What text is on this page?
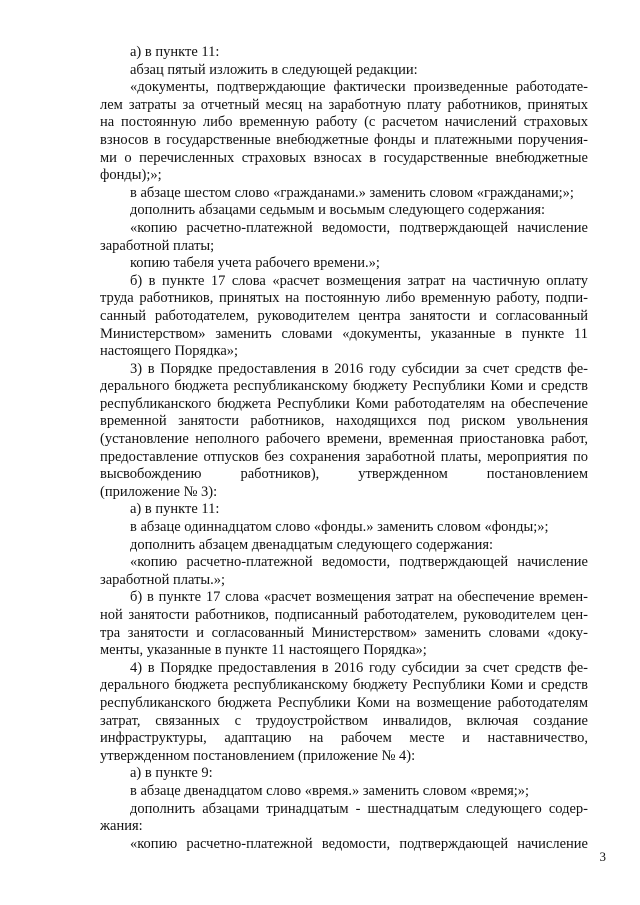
а) в пункте 11:
абзац пятый изложить в следующей редакции:
«документы, подтверждающие фактически произведенные работодате-
лем затраты за отчетный месяц на заработную плату работников, принятых
на постоянную либо временную работу (с расчетом начислений страховых
взносов в государственные внебюджетные фонды и платежными поручения-
ми о перечисленных страховых взносах в государственные внебюджетные
фонды);»;
в абзаце шестом слово «гражданами.» заменить словом «гражданами;»;
дополнить абзацами седьмым и восьмым следующего содержания:
«копию расчетно-платежной ведомости, подтверждающей начисление
заработной платы;
копию табеля учета рабочего времени.»;
б) в пункте 17 слова «расчет возмещения затрат на частичную оплату
труда работников, принятых на постоянную либо временную работу, подпи-
санный работодателем, руководителем центра занятости и согласованный
Министерством» заменить словами «документы, указанные в пункте 11
настоящего Порядка»;
3) в Порядке предоставления в 2016 году субсидии за счет средств фе-
дерального бюджета республиканскому бюджету Республики Коми и средств
республиканского бюджета Республики Коми работодателям на обеспечение
временной занятости работников, находящихся под риском увольнения
(установление неполного рабочего времени, временная приостановка работ,
предоставление отпусков без сохранения заработной платы, мероприятия по
высвобождению работников), утвержденном постановлением
(приложение № 3):
а) в пункте 11:
в абзаце одиннадцатом слово «фонды.» заменить словом «фонды;»;
дополнить абзацем двенадцатым следующего содержания:
«копию расчетно-платежной ведомости, подтверждающей начисление
заработной платы.»;
б) в пункте 17 слова «расчет возмещения затрат на обеспечение времен-
ной занятости работников, подписанный работодателем, руководителем цен-
тра занятости и согласованный Министерством» заменить словами «доку-
менты, указанные в пункте 11 настоящего Порядка»;
4) в Порядке предоставления в 2016 году субсидии за счет средств фе-
дерального бюджета республиканскому бюджету Республики Коми и средств
республиканского бюджета Республики Коми на возмещение работодателям
затрат, связанных с трудоустройством инвалидов, включая создание
инфраструктуры, адаптацию на рабочем месте и наставничество,
утвержденном постановлением (приложение № 4):
а) в пункте 9:
в абзаце двенадцатом слово «время.» заменить словом «время;»;
дополнить абзацами тринадцатым - шестнадцатым следующего содер-
жания:
«копию расчетно-платежной ведомости, подтверждающей начисление
3
